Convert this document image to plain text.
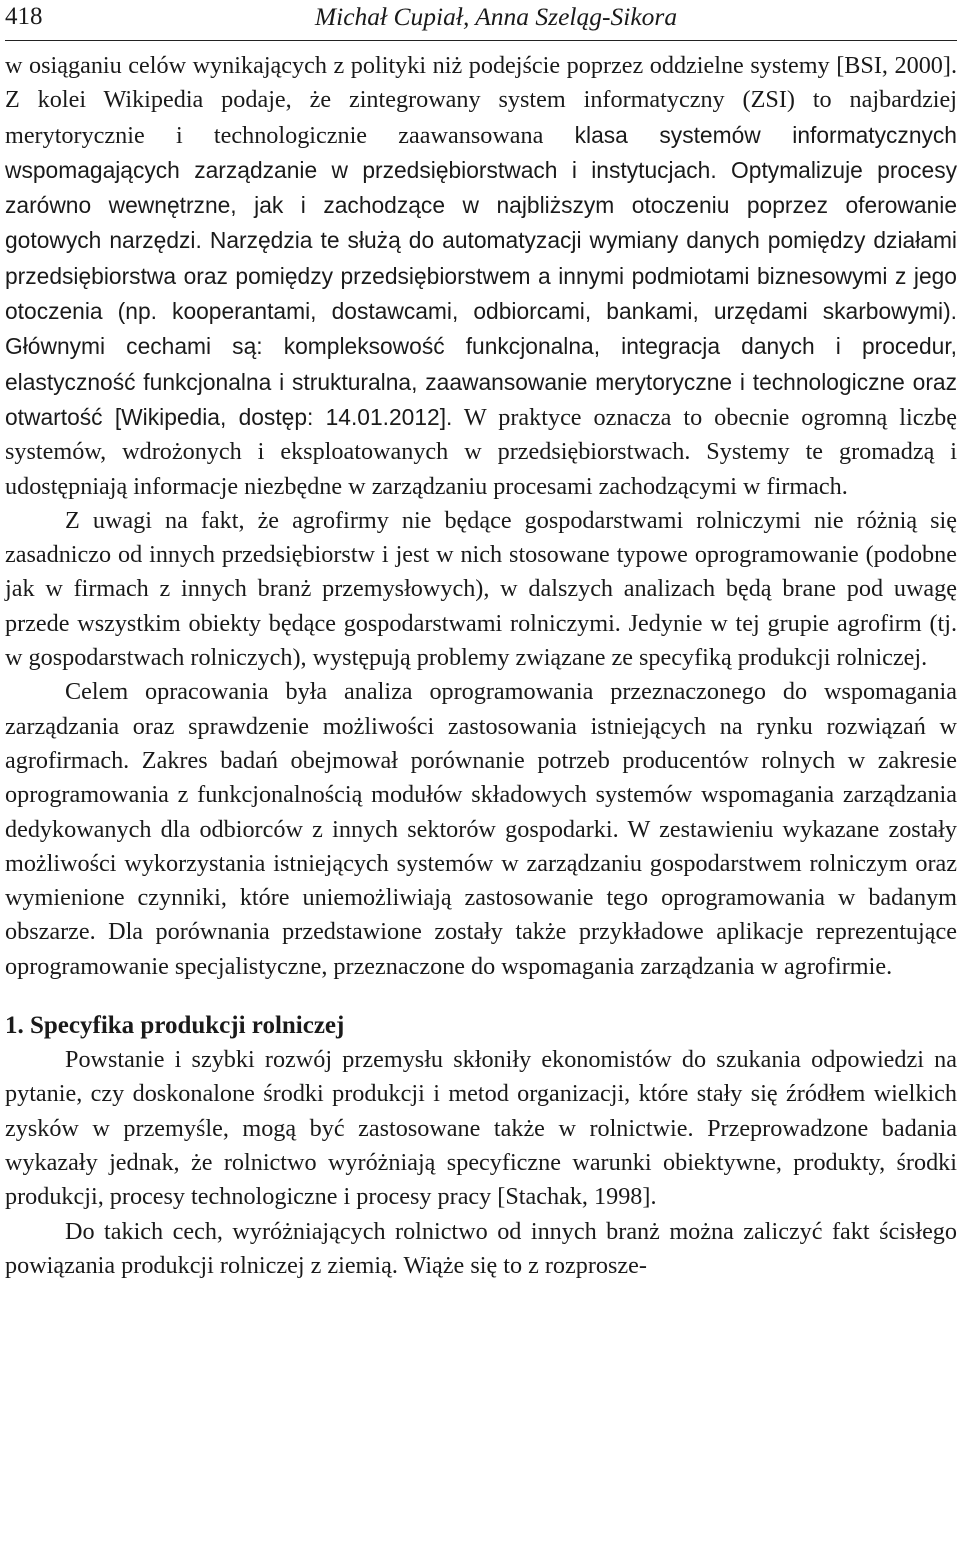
418	Michał Cupiał, Anna Szeląg-Sikora

w osiąganiu celów wynikających z polityki niż podejście poprzez oddzielne systemy [BSI, 2000]. Z kolei Wikipedia podaje, że zintegrowany system informatyczny (ZSI) to najbardziej merytorycznie i technologicznie zaawansowana klasa systemów informatycznych wspomagających zarządzanie w przedsiębiorstwach i instytucjach. Optymalizuje procesy zarówno wewnętrzne, jak i zachodzące w najbliższym otoczeniu poprzez oferowanie gotowych narzędzi. Narzędzia te służą do automatyzacji wymiany danych pomiędzy działami przedsiębiorstwa oraz pomiędzy przedsiębiorstwem a innymi podmiotami biznesowymi z jego otoczenia (np. kooperantami, dostawcami, odbiorcami, bankami, urzędami skarbowymi). Głównymi cechami są: kompleksowość funkcjonalna, integracja danych i procedur, elastyczność funkcjonalna i strukturalna, zaawansowanie merytoryczne i technologiczne oraz otwartość [Wikipedia, dostęp: 14.01.2012]. W praktyce oznacza to obecnie ogromną liczbę systemów, wdrożonych i eksploatowanych w przedsiębiorstwach. Systemy te gromadzą i udostępniają informacje niezbędne w zarządzaniu procesami zachodzącymi w firmach.

Z uwagi na fakt, że agrofirmy nie będące gospodarstwami rolniczymi nie różnią się zasadniczo od innych przedsiębiorstw i jest w nich stosowane typowe oprogramowanie (podobne jak w firmach z innych branż przemysłowych), w dalszych analizach będą brane pod uwagę przede wszystkim obiekty będące gospodarstwami rolniczymi. Jedynie w tej grupie agrofirm (tj. w gospodarstwach rolniczych), występują problemy związane ze specyfiką produkcji rolniczej.

Celem opracowania była analiza oprogramowania przeznaczonego do wspomagania zarządzania oraz sprawdzenie możliwości zastosowania istniejących na rynku rozwiązań w agrofirmach. Zakres badań obejmował porównanie potrzeb producentów rolnych w zakresie oprogramowania z funkcjonalnością modułów składowych systemów wspomagania zarządzania dedykowanych dla odbiorców z innych sektorów gospodarki. W zestawieniu wykazane zostały możliwości wykorzystania istniejących systemów w zarządzaniu gospodarstwem rolniczym oraz wymienione czynniki, które uniemożliwiają zastosowanie tego oprogramowania w badanym obszarze. Dla porównania przedstawione zostały także przykładowe aplikacje reprezentujące oprogramowanie specjalistyczne, przeznaczone do wspomagania zarządzania w agrofirmie.

1. Specyfika produkcji rolniczej

Powstanie i szybki rozwój przemysłu skłoniły ekonomistów do szukania odpowiedzi na pytanie, czy doskonalone środki produkcji i metod organizacji, które stały się źródłem wielkich zysków w przemyśle, mogą być zastosowane także w rolnictwie. Przeprowadzone badania wykazały jednak, że rolnictwo wyróżniają specyficzne warunki obiektywne, produkty, środki produkcji, procesy technologiczne i procesy pracy [Stachak, 1998].

Do takich cech, wyróżniających rolnictwo od innych branż można zaliczyć fakt ścisłego powiązania produkcji rolniczej z ziemią. Wiąże się to z rozprosze-
